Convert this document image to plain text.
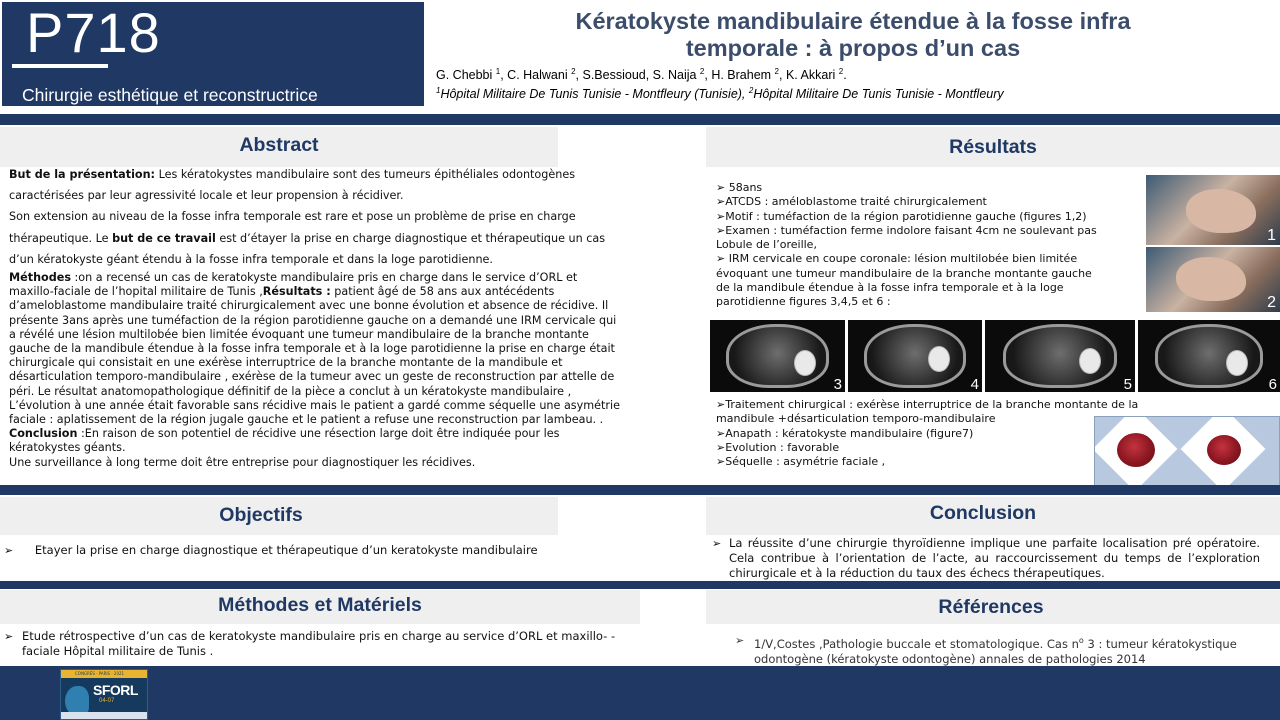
P718
Chirurgie esthétique et reconstructrice
Kératokyste mandibulaire étendue à la fosse infra
temporale : à propos d’un cas
G. Chebbi $^1$, C. Halwani $^2$, S.Bessioud, S. Naija $^2$, H. Brahem $^2$, K. Akkari $^2$.
$^1$Hôpital Militaire De Tunis Tunisie - Montfleury (Tunisie), $^2$Hôpital Militaire De Tunis Tunisie - Montfleury
Abstract

But de la présentation: Les kératokystes mandibulaire sont des tumeurs épithéliales odontogènes caractérisées par leur agressivité locale et leur propension à récidiver.

Son extension au niveau de la fosse infra temporale est rare et pose un problème de prise en charge thérapeutique. Le but de ce travail est d’étayer la prise en charge diagnostique et thérapeutique un cas d’un kératokyste géant étendu à la fosse infra temporale et dans la loge parotidienne.

Méthodes :on a recensé un cas de keratokyste mandibulaire pris en charge dans le service d’ORL et maxillo-faciale de l’hopital militaire de Tunis ,Résultats : patient âgé de 58 ans aux antécédents d’ameloblastome mandibulaire traité chirurgicalement avec une bonne évolution et absence de récidive. Il présente 3ans après une tuméfaction de la région parotidienne gauche on a demandé une IRM cervicale qui a révélé une lésion multilobée bien limitée évoquant une tumeur mandibulaire de la branche montante gauche de la mandibule étendue à la fosse infra temporale et à la loge parotidienne la prise en charge était chirurgicale qui consistait en une exérèse interruptrice de la branche montante de la mandibule et désarticulation temporo-mandibulaire , exérèse de la tumeur avec un geste de reconstruction par attelle de péri. Le résultat anatomopathologique définitif de la pièce a conclut à un kératokyste mandibulaire , L’évolution à une année était favorable sans récidive mais le patient a gardé comme séquelle une asymétrie faciale : aplatissement de la région jugale gauche et le patient a refuse une reconstruction par lambeau. . Conclusion :En raison de son potentiel de récidive une résection large doit être indiquée pour les kératokystes géants.

Une surveillance à long terme doit être entreprise pour diagnostiquer les récidives.

Résultats
➢ 58ans
➢ATCDS : améloblastome traité chirurgicalement
➢Motif : tuméfaction de la région parotidienne gauche (figures 1,2)
➢Examen : tuméfaction ferme indolore faisant 4cm ne soulevant pas
Lobule de l’oreille,
➢ IRM cervicale en coupe coronale: lésion multilobée bien limitée
évoquant une tumeur mandibulaire de la branche montante gauche
de la mandibule étendue à la fosse infra temporale et à la loge
parotidienne figures 3,4,5 et 6 :
1
2
3	4	5	6
➢Traitement chirurgical : exérèse interruptrice de la branche montante de la
mandibule +désarticulation temporo-mandibulaire
➢Anapath : kératokyste mandibulaire (figure7)
➢Evolution : favorable
➢Séquelle : asymétrie faciale ,
Objectifs
➢ Etayer la prise en charge diagnostique et thérapeutique d’un keratokyste mandibulaire
Conclusion
➢ La réussite d’une chirurgie thyroïdienne implique une parfaite localisation pré opératoire. Cela contribue à l’orientation de l’acte, au raccourcissement du temps de l’exploration chirurgicale et à la réduction du taux des échecs thérapeutiques.
Méthodes et Matériels
➢ Etude rétrospective d’un cas de keratokyste mandibulaire pris en charge au service d’ORL et maxillo- -faciale Hôpital militaire de Tunis .
Références
➢ 1/V,Costes ,Pathologie buccale et stomatologique. Cas $n^o$ 3 : tumeur kératokystique odontogène (kératokyste odontogène) annales de pathologies 2014
CONGRÈS · PARIS · 2021
SFORL
04-07
